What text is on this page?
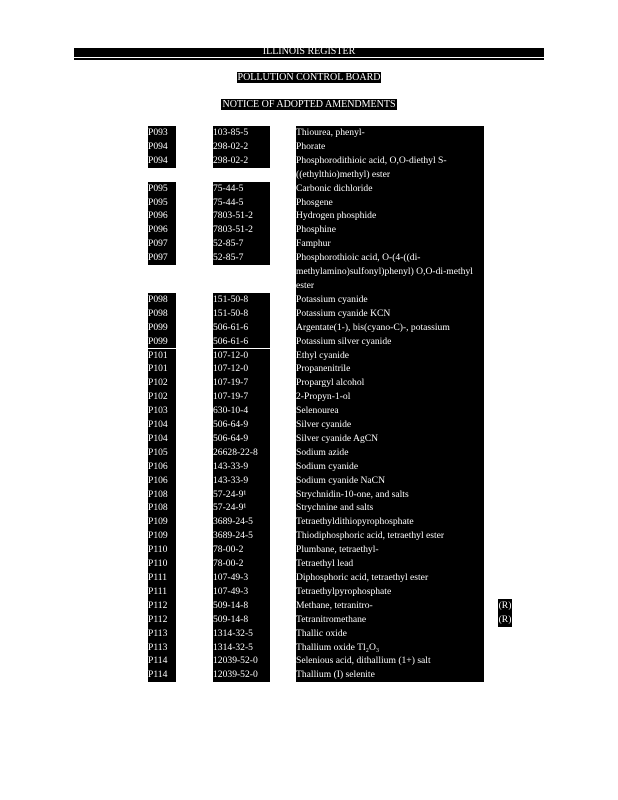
ILLINOIS REGISTER
POLLUTION CONTROL BOARD
NOTICE OF ADOPTED AMENDMENTS
P093	103-85-5	Thiourea, phenyl-
P094	298-02-2	Phorate
P094	298-02-2	Phosphorodithioic acid, O,O-diethyl S-((ethylthio)methyl) ester
P095	75-44-5	Carbonic dichloride
P095	75-44-5	Phosgene
P096	7803-51-2	Hydrogen phosphide
P096	7803-51-2	Phosphine
P097	52-85-7	Famphur
P097	52-85-7	Phosphorothioic acid, O-(4-((di-methylamino)sulfonyl)phenyl) O,O-di-methyl ester
P098	151-50-8	Potassium cyanide
P098	151-50-8	Potassium cyanide KCN
P099	506-61-6	Argentate(1-), bis(cyano-C)-, potassium
P099	506-61-6	Potassium silver cyanide
P101	107-12-0	Ethyl cyanide
P101	107-12-0	Propanenitrile
P102	107-19-7	Propargyl alcohol
P102	107-19-7	2-Propyn-1-ol
P103	630-10-4	Selenourea
P104	506-64-9	Silver cyanide
P104	506-64-9	Silver cyanide AgCN
P105	26628-22-8	Sodium azide
P106	143-33-9	Sodium cyanide
P106	143-33-9	Sodium cyanide NaCN
P108	57-24-9¹	Strychnidin-10-one, and salts
P108	57-24-9¹	Strychnine and salts
P109	3689-24-5	Tetraethyldithiopyrophosphate
P109	3689-24-5	Thiodiphosphoric acid, tetraethyl ester
P110	78-00-2	Plumbane, tetraethyl-
P110	78-00-2	Tetraethyl lead
P111	107-49-3	Diphosphoric acid, tetraethyl ester
P111	107-49-3	Tetraethylpyrophosphate
P112	509-14-8	Methane, tetranitro-	(R)
P112	509-14-8	Tetranitromethane	(R)
P113	1314-32-5	Thallic oxide
P113	1314-32-5	Thallium oxide Tl₂O₃
P114	12039-52-0	Selenious acid, dithallium (1+) salt
P114	12039-52-0	Thallium (I) selenite
